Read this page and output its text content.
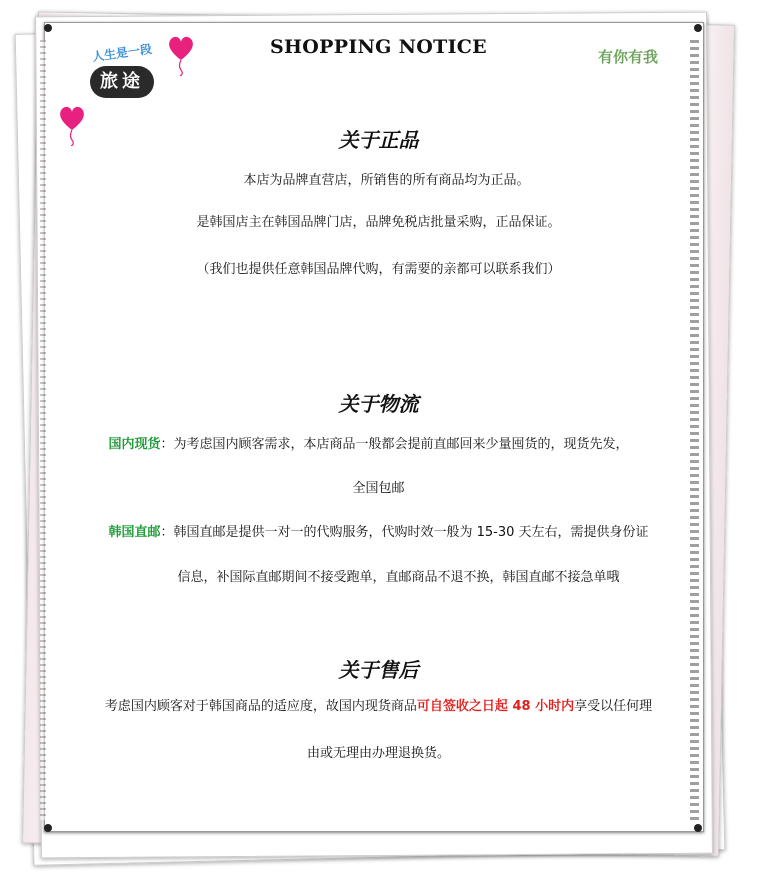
人生是一段
旅途
有你有我
SHOPPING NOTICE
关于正品
本店为品牌直营店，所销售的所有商品均为正品。
是韩国店主在韩国品牌门店，品牌免税店批量采购，正品保证。
（我们也提供任意韩国品牌代购，有需要的亲都可以联系我们）
关于物流
国内现货：为考虑国内顾客需求，本店商品一般都会提前直邮回来少量囤货的，现货先发，
全国包邮
韩国直邮：韩国直邮是提供一对一的代购服务，代购时效一般为 15-30 天左右，需提供身份证
信息，补国际直邮期间不接受跑单，直邮商品不退不换，韩国直邮不接急单哦
关于售后
考虑国内顾客对于韩国商品的适应度，故国内现货商品可自签收之日起 48 小时内享受以任何理
由或无理由办理退换货。
